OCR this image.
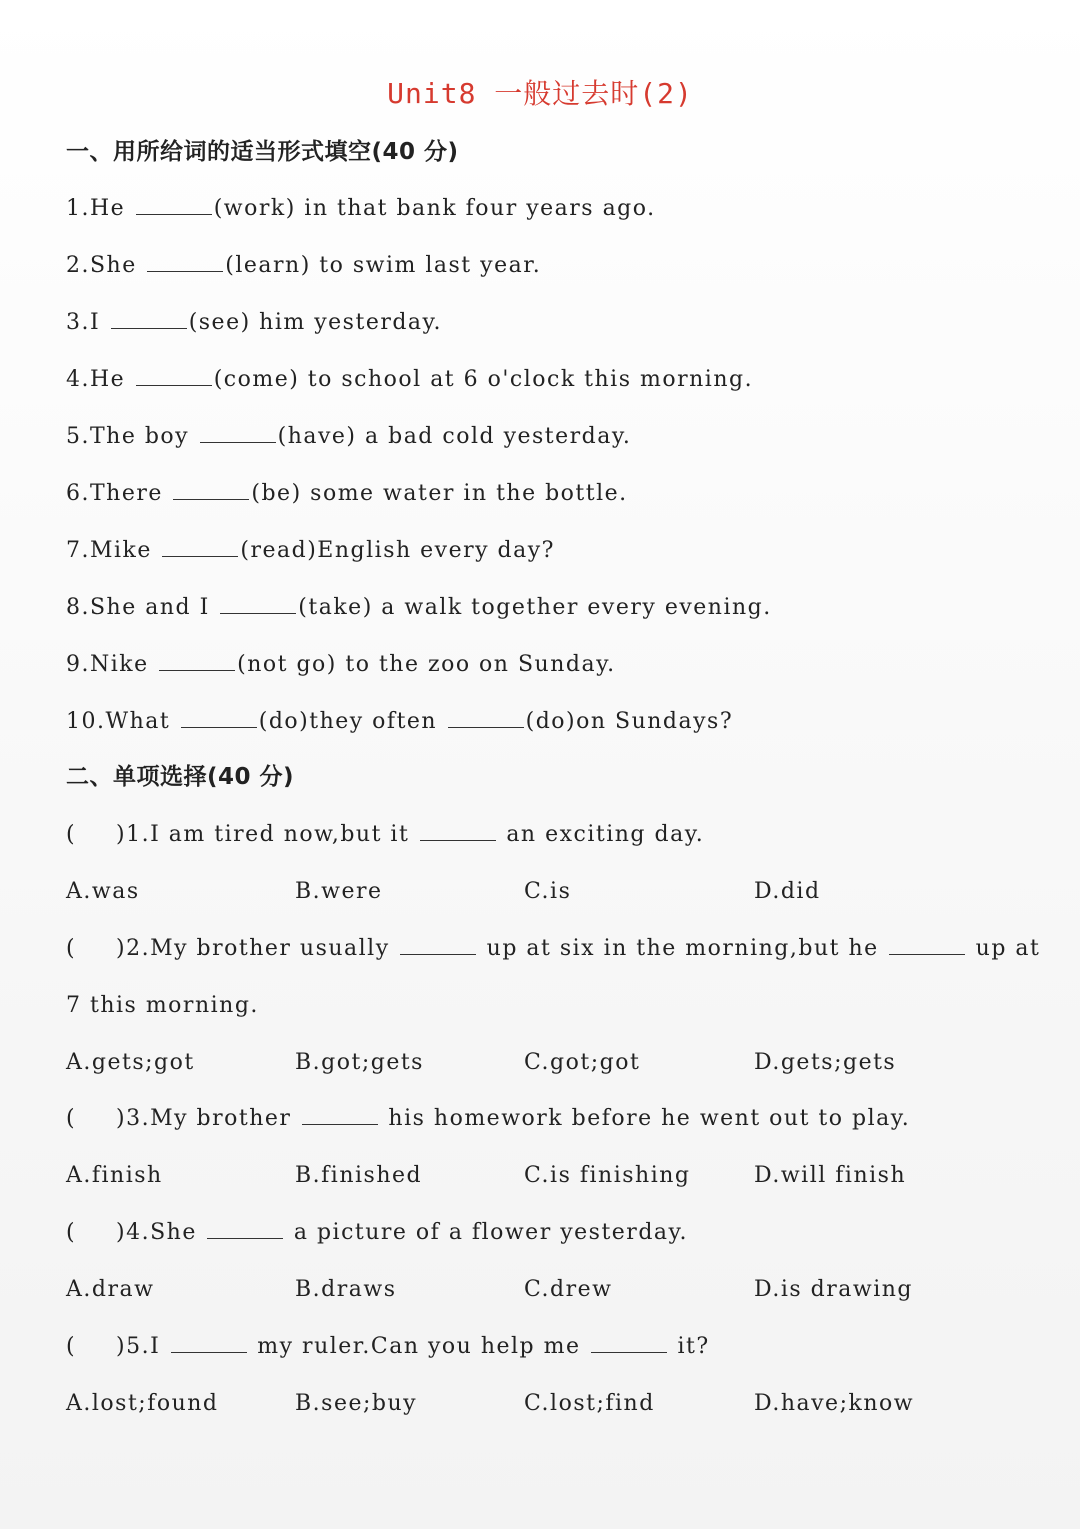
Unit8 一般过去时(2)
一、用所给词的适当形式填空(40 分)
1.He	(work) in that bank four years ago.
2.She	(learn) to swim last year.
3.I	(see) him yesterday.
4.He	(come) to school at 6 o'clock this morning.
5.The boy	(have) a bad cold yesterday.
6.There	(be) some water in the bottle.
7.Mike	(read)English every day?
8.She and I	(take) a walk together every evening.
9.Nike	(not go) to the zoo on Sunday.
10.What	(do)they often	(do)on Sundays?
二、单项选择(40 分)
( )1.I am tired now,but it	an exciting day.
A.was	B.were	C.is	D.did
( )2.My brother usually	up at six in the morning,but he	up at
7 this morning.
A.gets;got	B.got;gets	C.got;got	D.gets;gets
( )3.My brother	his homework before he went out to play.
A.finish	B.finished	C.is finishing	D.will finish
( )4.She	a picture of a flower yesterday.
A.draw	B.draws	C.drew	D.is drawing
( )5.I	my ruler.Can you help me	it?
A.lost;found	B.see;buy	C.lost;find	D.have;know
